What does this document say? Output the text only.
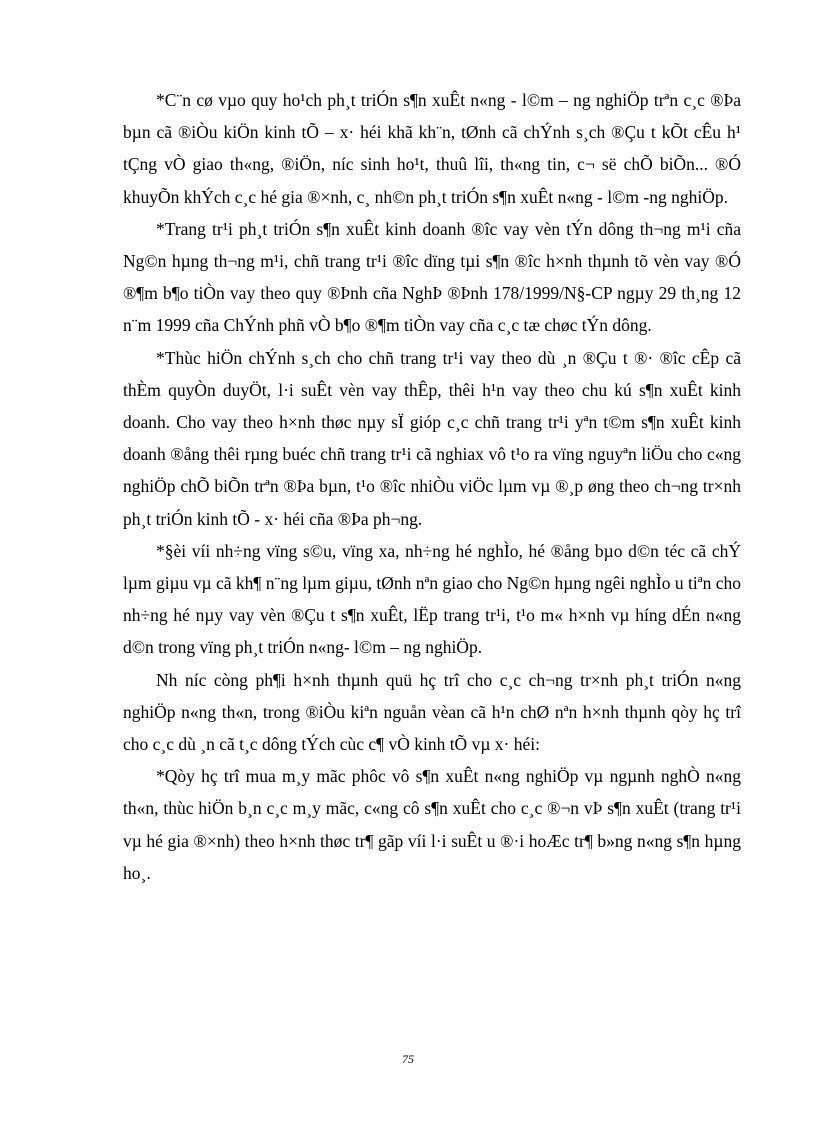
*C¨n cø vµo quy ho¹ch ph¸t triÓn s¶n xuÊt n«ng - l©m – ng nghiÖp trªn c¸c ®Þa bµn cã ®iÒu kiÖn kinh tÕ – x· héi khã kh¨n, tØnh cã chÝnh s¸ch ®Çu t kÕt cÊu h¹ tÇng vÒ giao th«ng, ®iÖn, níc sinh ho¹t, thuû lîi, th«ng tin, c¬ së chÕ biÕn... ®Ó khuyÕn khÝch c¸c hé gia ®×nh, c¸ nh©n ph¸t triÓn s¶n xuÊt n«ng - l©m -ng nghiÖp.

*Trang tr¹i ph¸t triÓn s¶n xuÊt kinh doanh ®îc vay vèn tÝn dông th¬ng m¹i cña Ng©n hµng th¬ng m¹i, chñ trang tr¹i ®îc dïng tµi s¶n ®îc h×nh thµnh tõ vèn vay ®Ó ®¶m b¶o tiÒn vay theo quy ®Þnh cña NghÞ ®Þnh 178/1999/N§-CP ngµy 29 th¸ng 12 n¨m 1999 cña ChÝnh phñ vÒ b¶o ®¶m tiÒn vay cña c¸c tæ chøc tÝn dông.

*Thùc hiÖn chÝnh s¸ch cho chñ trang tr¹i vay theo dù ¸n ®Çu t ®· ®îc cÊp cã thÈm quyÒn duyÖt, l·i suÊt vèn vay thÊp, thêi h¹n vay theo chu kú s¶n xuÊt kinh doanh. Cho vay theo h×nh thøc nµy sÏ gióp c¸c chñ trang tr¹i yªn t©m s¶n xuÊt kinh doanh ®ång thêi rµng buéc chñ trang tr¹i cã nghiax vô t¹o ra vïng nguyªn liÖu cho c«ng nghiÖp chÕ biÕn trªn ®Þa bµn, t¹o ®îc nhiÒu viÖc lµm vµ ®¸p øng theo ch¬ng tr×nh ph¸t triÓn kinh tÕ - x· héi cña ®Þa ph¬ng.

*§èi víi nh÷ng vïng s©u, vïng xa, nh÷ng hé nghÌo, hé ®ång bµo d©n téc cã chÝ lµm giµu vµ cã kh¶ n¨ng lµm giµu, tØnh nªn giao cho Ng©n hµng ngêi nghÌo u tiªn cho nh÷ng hé nµy vay vèn ®Çu t s¶n xuÊt, lËp trang tr¹i, t¹o m« h×nh vµ híng dÉn n«ng d©n trong vïng ph¸t triÓn n«ng- l©m – ng nghiÖp.

Nh níc còng ph¶i h×nh thµnh quü hç trî cho c¸c ch¬ng tr×nh ph¸t triÓn n«ng nghiÖp n«ng th«n, trong ®iÒu kiªn nguån vèan cã h¹n chØ nªn h×nh thµnh qòy hç trî cho c¸c dù ¸n cã t¸c dông tÝch cùc c¶ vÒ kinh tÕ vµ x· héi:

*Qòy hç trî mua m¸y mãc phôc vô s¶n xuÊt n«ng nghiÖp vµ ngµnh nghÒ n«ng th«n, thùc hiÖn b¸n c¸c m¸y mãc, c«ng cô s¶n xuÊt cho c¸c ®¬n vÞ s¶n xuÊt (trang tr¹i vµ hé gia ®×nh) theo h×nh thøc tr¶ gãp víi l·i suÊt u ®·i hoÆc tr¶ b»ng n«ng s¶n hµng ho¸.

75
